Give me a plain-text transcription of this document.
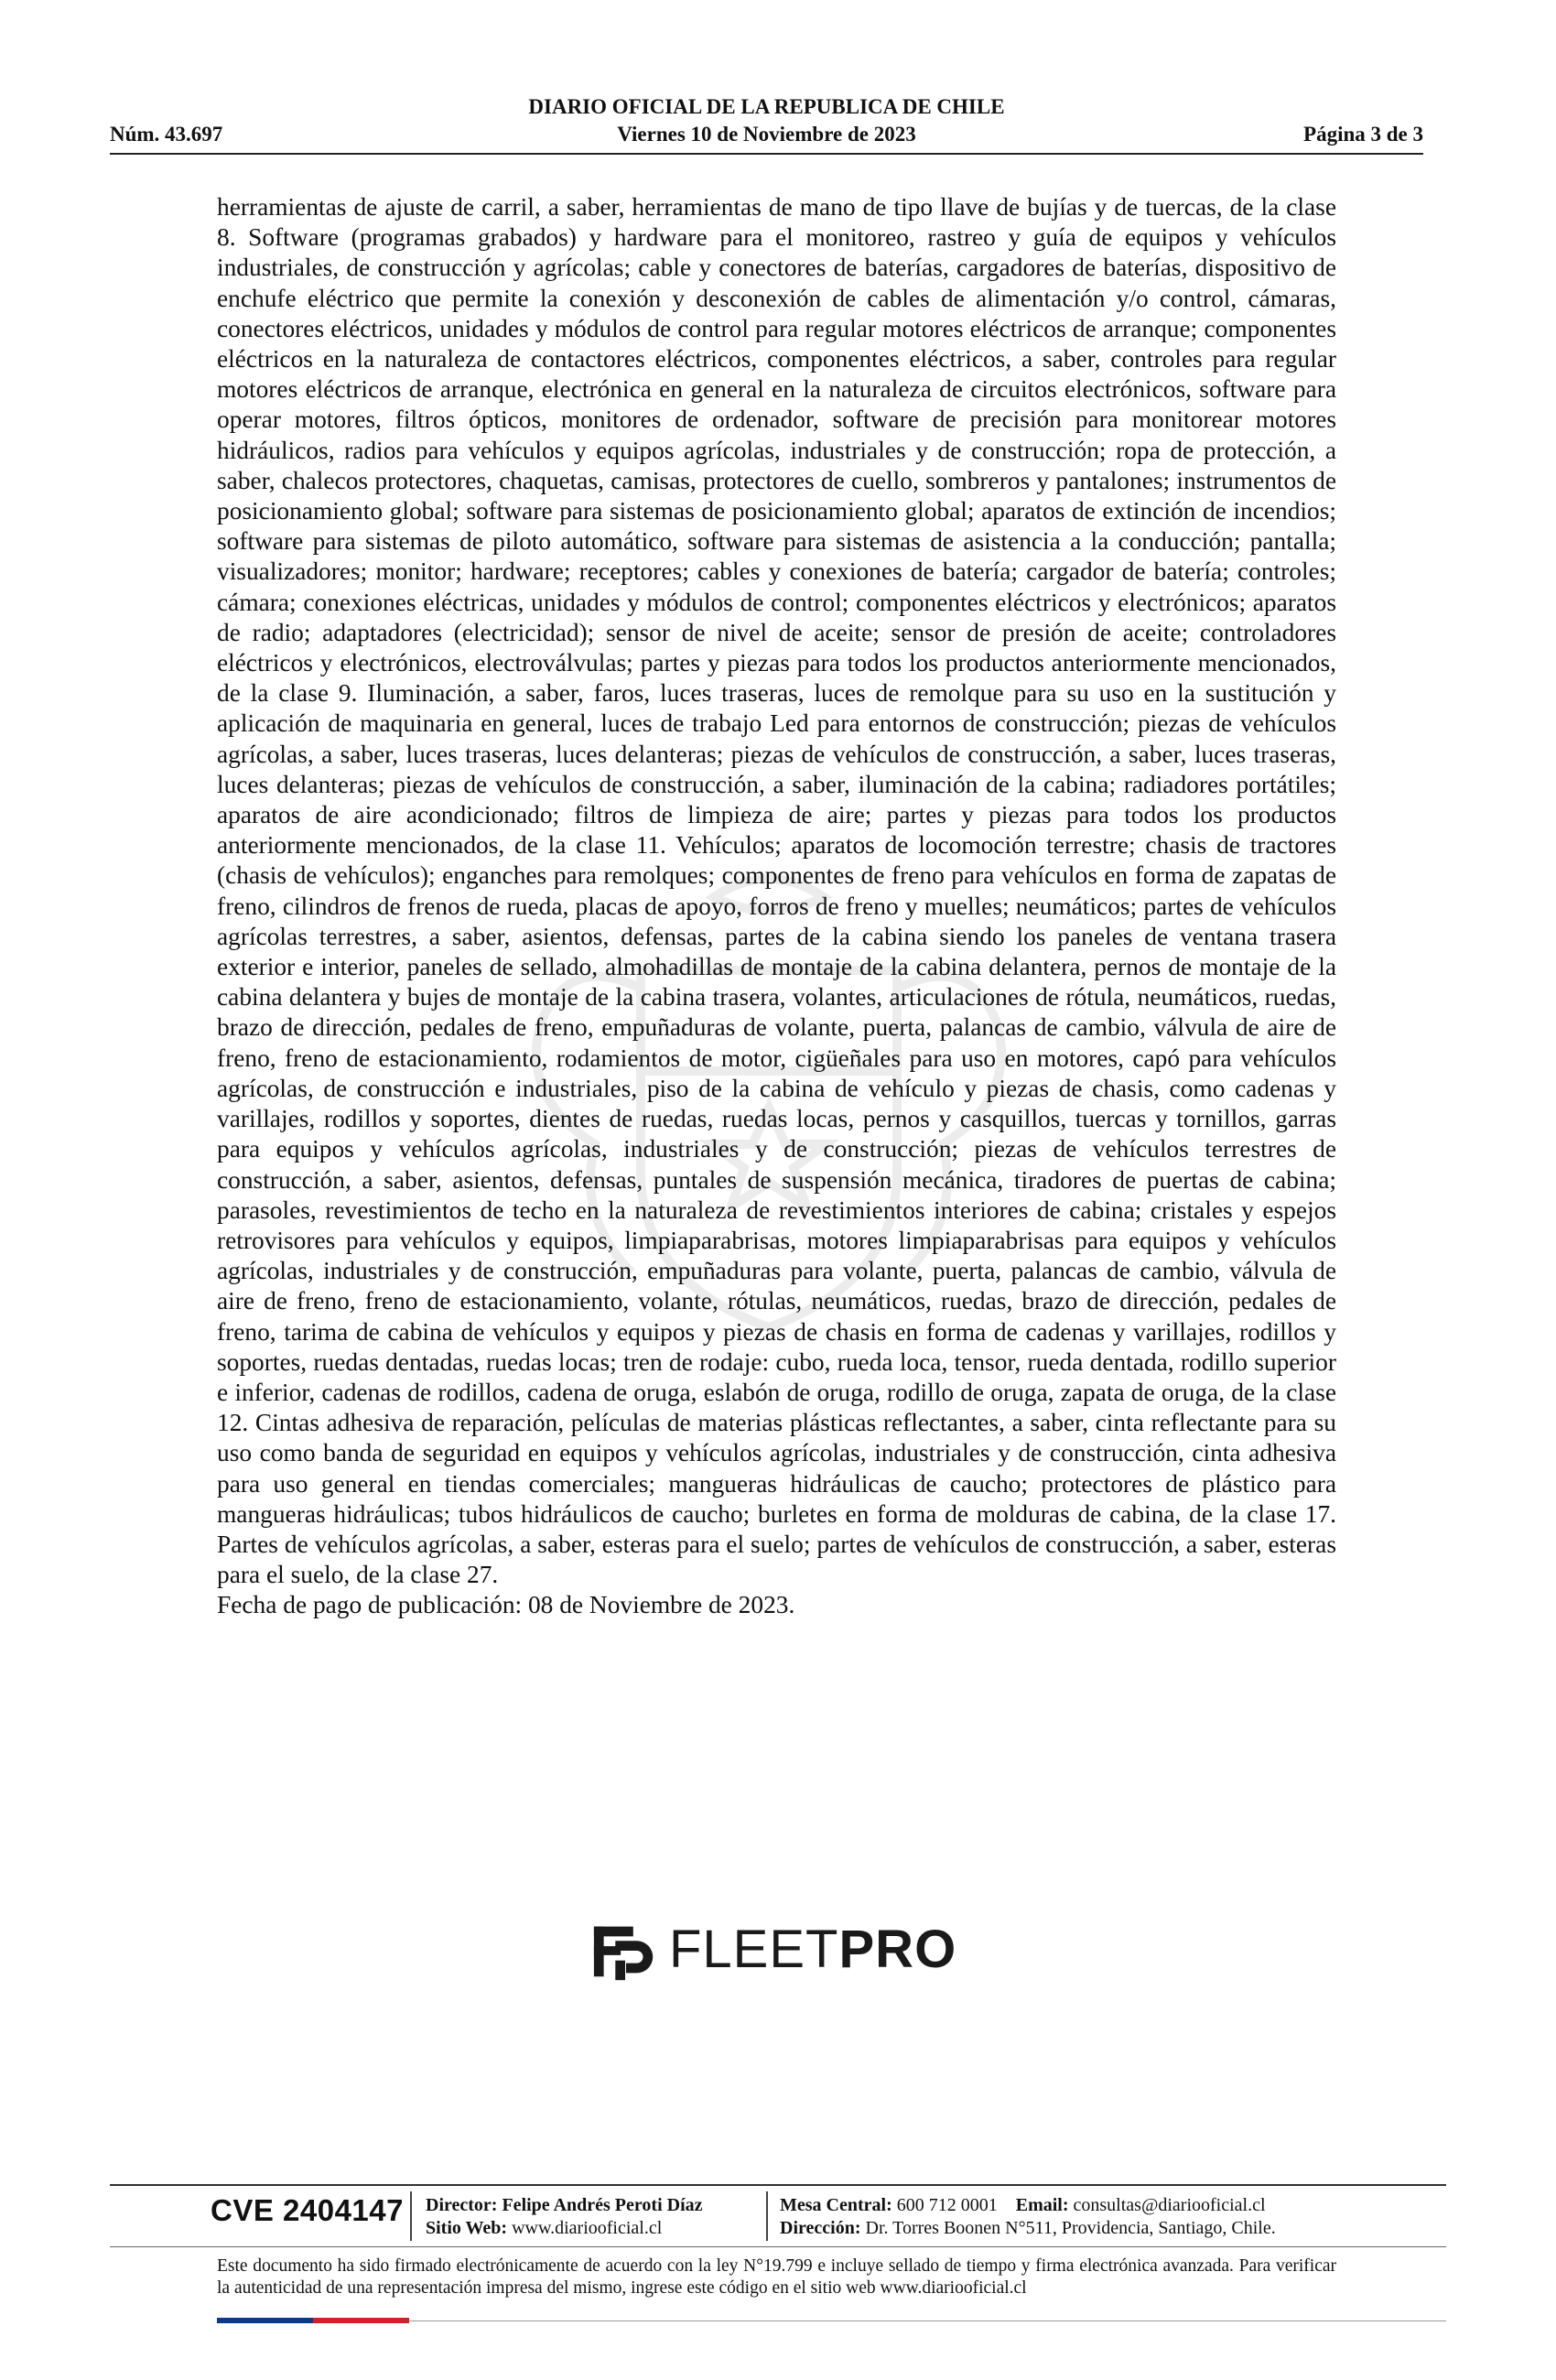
DIARIO OFICIAL DE LA REPUBLICA DE CHILE
Núm. 43.697	Viernes 10 de Noviembre de 2023	Página 3 de 3

herramientas de ajuste de carril, a saber, herramientas de mano de tipo llave de bujías y de tuercas, de la clase 8. Software (programas grabados) y hardware para el monitoreo, rastreo y guía de equipos y vehículos industriales, de construcción y agrícolas; cable y conectores de baterías, cargadores de baterías, dispositivo de enchufe eléctrico que permite la conexión y desconexión de cables de alimentación y/o control, cámaras, conectores eléctricos, unidades y módulos de control para regular motores eléctricos de arranque; componentes eléctricos en la naturaleza de contactores eléctricos, componentes eléctricos, a saber, controles para regular motores eléctricos de arranque, electrónica en general en la naturaleza de circuitos electrónicos, software para operar motores, filtros ópticos, monitores de ordenador, software de precisión para monitorear motores hidráulicos, radios para vehículos y equipos agrícolas, industriales y de construcción; ropa de protección, a saber, chalecos protectores, chaquetas, camisas, protectores de cuello, sombreros y pantalones; instrumentos de posicionamiento global; software para sistemas de posicionamiento global; aparatos de extinción de incendios; software para sistemas de piloto automático, software para sistemas de asistencia a la conducción; pantalla; visualizadores; monitor; hardware; receptores; cables y conexiones de batería; cargador de batería; controles; cámara; conexiones eléctricas, unidades y módulos de control; componentes eléctricos y electrónicos; aparatos de radio; adaptadores (electricidad); sensor de nivel de aceite; sensor de presión de aceite; controladores eléctricos y electrónicos, electroválvulas; partes y piezas para todos los productos anteriormente mencionados, de la clase 9. Iluminación, a saber, faros, luces traseras, luces de remolque para su uso en la sustitución y aplicación de maquinaria en general, luces de trabajo Led para entornos de construcción; piezas de vehículos agrícolas, a saber, luces traseras, luces delanteras; piezas de vehículos de construcción, a saber, luces traseras, luces delanteras; piezas de vehículos de construcción, a saber, iluminación de la cabina; radiadores portátiles; aparatos de aire acondicionado; filtros de limpieza de aire; partes y piezas para todos los productos anteriormente mencionados, de la clase 11. Vehículos; aparatos de locomoción terrestre; chasis de tractores (chasis de vehículos); enganches para remolques; componentes de freno para vehículos en forma de zapatas de freno, cilindros de frenos de rueda, placas de apoyo, forros de freno y muelles; neumáticos; partes de vehículos agrícolas terrestres, a saber, asientos, defensas, partes de la cabina siendo los paneles de ventana trasera exterior e interior, paneles de sellado, almohadillas de montaje de la cabina delantera, pernos de montaje de la cabina delantera y bujes de montaje de la cabina trasera, volantes, articulaciones de rótula, neumáticos, ruedas, brazo de dirección, pedales de freno, empuñaduras de volante, puerta, palancas de cambio, válvula de aire de freno, freno de estacionamiento, rodamientos de motor, cigüeñales para uso en motores, capó para vehículos agrícolas, de construcción e industriales, piso de la cabina de vehículo y piezas de chasis, como cadenas y varillajes, rodillos y soportes, dientes de ruedas, ruedas locas, pernos y casquillos, tuercas y tornillos, garras para equipos y vehículos agrícolas, industriales y de construcción; piezas de vehículos terrestres de construcción, a saber, asientos, defensas, puntales de suspensión mecánica, tiradores de puertas de cabina; parasoles, revestimientos de techo en la naturaleza de revestimientos interiores de cabina; cristales y espejos retrovisores para vehículos y equipos, limpiaparabrisas, motores limpiaparabrisas para equipos y vehículos agrícolas, industriales y de construcción, empuñaduras para volante, puerta, palancas de cambio, válvula de aire de freno, freno de estacionamiento, volante, rótulas, neumáticos, ruedas, brazo de dirección, pedales de freno, tarima de cabina de vehículos y equipos y piezas de chasis en forma de cadenas y varillajes, rodillos y soportes, ruedas dentadas, ruedas locas; tren de rodaje: cubo, rueda loca, tensor, rueda dentada, rodillo superior e inferior, cadenas de rodillos, cadena de oruga, eslabón de oruga, rodillo de oruga, zapata de oruga, de la clase 12. Cintas adhesiva de reparación, películas de materias plásticas reflectantes, a saber, cinta reflectante para su uso como banda de seguridad en equipos y vehículos agrícolas, industriales y de construcción, cinta adhesiva para uso general en tiendas comerciales; mangueras hidráulicas de caucho; protectores de plástico para mangueras hidráulicas; tubos hidráulicos de caucho; burletes en forma de molduras de cabina, de la clase 17. Partes de vehículos agrícolas, a saber, esteras para el suelo; partes de vehículos de construcción, a saber, esteras para el suelo, de la clase 27.

Fecha de pago de publicación: 08 de Noviembre de 2023.

FLEETPRO
CVE 2404147 Director: Felipe Andrés Peroti Díaz
Sitio Web: www.diariooficial.cl
Mesa Central: 600 712 0001 Email: consultas@diariooficial.cl
Dirección: Dr. Torres Boonen N°511, Providencia, Santiago, Chile.
Este documento ha sido firmado electrónicamente de acuerdo con la ley N°19.799 e incluye sellado de tiempo y firma electrónica avanzada. Para verificar la autenticidad de una representación impresa del mismo, ingrese este código en el sitio web www.diariooficial.cl
